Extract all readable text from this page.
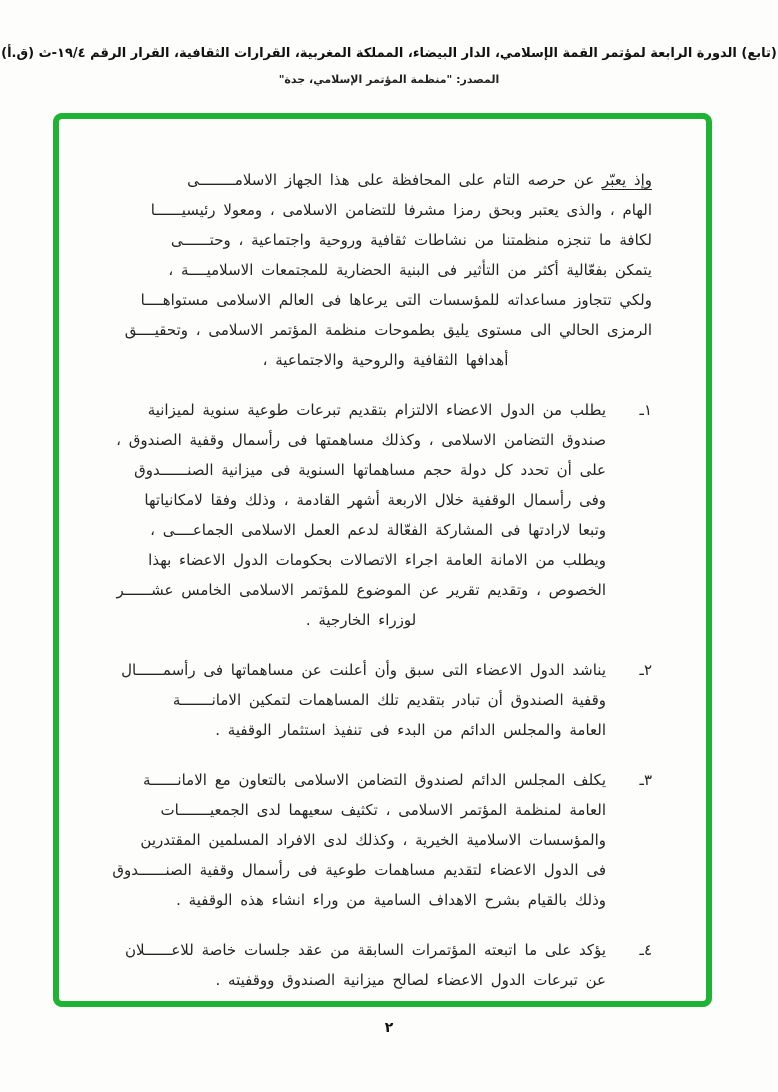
(تابع) الدورة الرابعة لمؤتمر القمة الإسلامي، الدار البيضاء، المملكة المغربية، القرارات الثقافية، القرار الرقم ١٩/٤-ث (ق.أ)
المصدر: "منظمة المؤتمر الإسلامي، جدة"
وإذ يعبّر عن حرصه التام على المحافظة على هذا الجهاز الاسلامــــــــى
الهام ، والذى يعتبر وبحق رمزا مشرفا للتضامن الاسلامى ، ومعولا رئيسيــــــا
لكافة ما تنجزه منظمتنا من نشاطات ثقافية وروحية واجتماعية ، وحتــــــى
يتمكن بفعّالية أكثر من التأثير فى البنية الحضارية للمجتمعات الاسلاميــــة ،
ولكي تتجاوز مساعداته للمؤسسات التى يرعاها فى العالم الاسلامى مستواهــــا
الرمزى الحالي الى مستوى يليق بطموحات منظمة المؤتمر الاسلامى ، وتحقيــــق
أهدافها الثقافية والروحية والاجتماعية ،
١ـ
يطلب من الدول الاعضاء الالتزام بتقديم تبرعات طوعية سنوية لميزانية
صندوق التضامن الاسلامى ، وكذلك مساهمتها فى رأسمال وقفية الصندوق ،
على أن تحدد كل دولة حجم مساهماتها السنوية فى ميزانية الصنــــــدوق
وفى رأسمال الوقفية خلال الاربعة أشهر القادمة ، وذلك وفقا لامكانياتها
وتبعا لارادتها فى المشاركة الفعّالة لدعم العمل الاسلامى الجماعــــى ،
ويطلب من الامانة العامة اجراء الاتصالات بحكومات الدول الاعضاء بهذا
الخصوص ، وتقديم تقرير عن الموضوع للمؤتمر الاسلامى الخامس عشــــــر
لوزراء الخارجية .
٢ـ
يناشد الدول الاعضاء التى سبق وأن أعلنت عن مساهماتها فى رأسمــــــال
وقفية الصندوق أن تبادر بتقديم تلك المساهمات لتمكين الامانـــــــة
العامة والمجلس الدائم من البدء فى تنفيذ استثمار الوقفية .
٣ـ
يكلف المجلس الدائم لصندوق التضامن الاسلامى بالتعاون مع الامانــــــة
العامة لمنظمة المؤتمر الاسلامى ، تكثيف سعيهما لدى الجمعيـــــــات
والمؤسسات الاسلامية الخيرية ، وكذلك لدى الافراد المسلمين المقتدرين
فى الدول الاعضاء لتقديم مساهمات طوعية فى رأسمال وقفية الصنــــــدوق
وذلك بالقيام بشرح الاهداف السامية من وراء انشاء هذه الوقفية .
٤ـ
يؤكد على ما اتبعته المؤتمرات السابقة من عقد جلسات خاصة للاعــــــلان
عن تبرعات الدول الاعضاء لصالح ميزانية الصندوق ووقفيته .
٢
